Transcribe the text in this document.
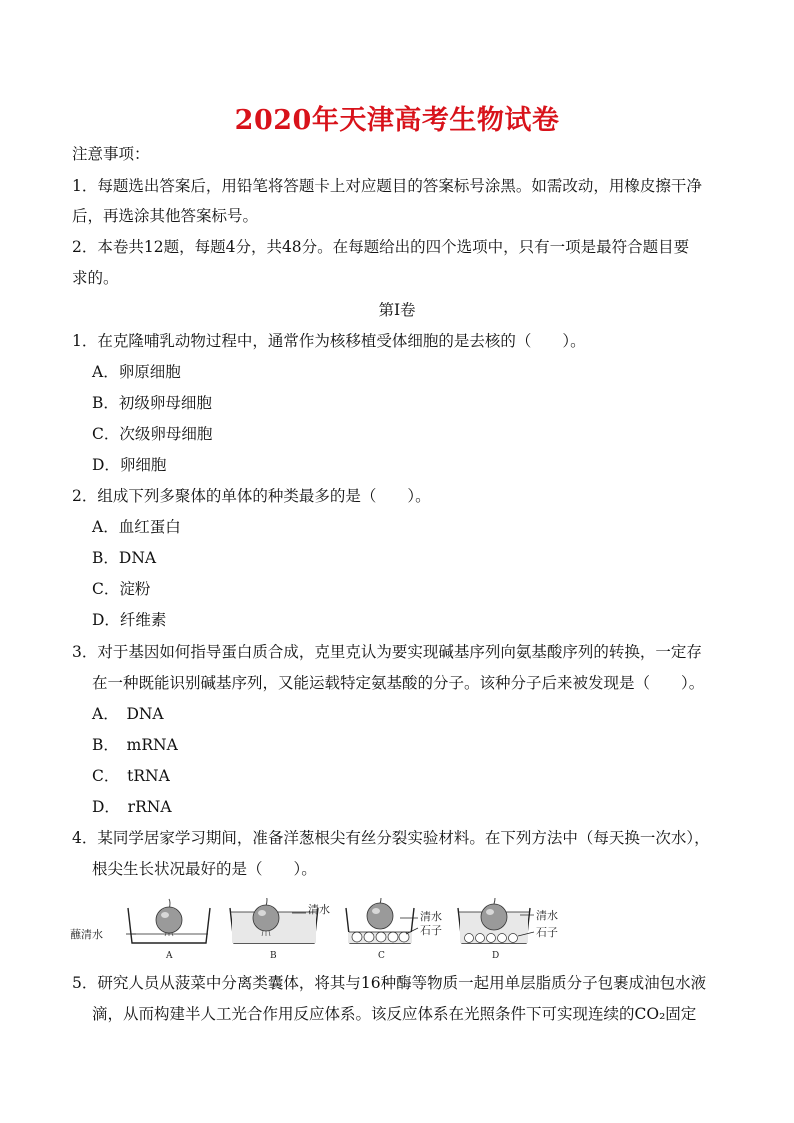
2020年天津高考生物试卷
注意事项：
1．每题选出答案后，用铅笔将答题卡上对应题目的答案标号涂黑。如需改动，用橡皮擦干净
后，再选涂其他答案标号。
2．本卷共12题，每题4分，共48分。在每题给出的四个选项中，只有一项是最符合题目要
求的。
第Ⅰ卷
1．在克隆哺乳动物过程中，通常作为核移植受体细胞的是去核的（　　）。
A．卵原细胞
B．初级卵母细胞
C．次级卵母细胞
D．卵细胞
2．组成下列多聚体的单体的种类最多的是（　　）。
A．血红蛋白
B．DNA
C．淀粉
D．纤维素
3．对于基因如何指导蛋白质合成，克里克认为要实现碱基序列向氨基酸序列的转换，一定存
在一种既能识别碱基序列，又能运载特定氨基酸的分子。该种分子后来被发现是（　　）。
A．　DNA
B．　mRNA
C．　tRNA
D．　rRNA
4．某同学居家学习期间，准备洋葱根尖有丝分裂实验材料。在下列方法中（每天换一次水），
根尖生长状况最好的是（　　）。
蘸清水
A
清水
B
清水
石子
C
清水
石子
D
5．研究人员从菠菜中分离类囊体，将其与16种酶等物质一起用单层脂质分子包裹成油包水液
滴，从而构建半人工光合作用反应体系。该反应体系在光照条件下可实现连续的CO₂固定
